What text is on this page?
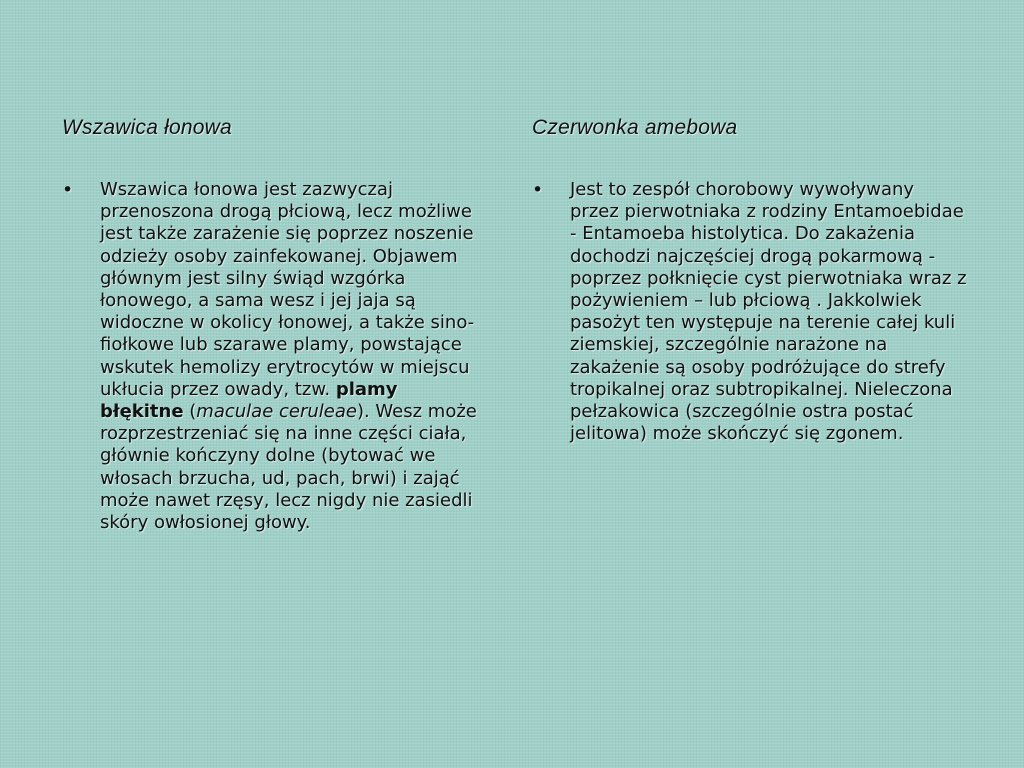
Wszawica łonowa
• Wszawica łonowa jest zazwyczaj przenoszona drogą płciową, lecz możliwe jest także zarażenie się poprzez noszenie odzieży osoby zainfekowanej. Objawem głównym jest silny świąd wzgórka łonowego, a sama wesz i jej jaja są widoczne w okolicy łonowej, a także sino-fiołkowe lub szarawe plamy, powstające wskutek hemolizy erytrocytów w miejscu ukłucia przez owady, tzw. plamy błękitne (maculae ceruleae). Wesz może rozprzestrzeniać się na inne części ciała, głównie kończyny dolne (bytować we włosach brzucha, ud, pach, brwi) i zająć może nawet rzęsy, lecz nigdy nie zasiedli skóry owłosionej głowy.
Czerwonka amebowa
• Jest to zespół chorobowy wywoływany przez pierwotniaka z rodziny Entamoebidae - Entamoeba histolytica. Do zakażenia dochodzi najczęściej drogą pokarmową - poprzez połknięcie cyst pierwotniaka wraz z pożywieniem – lub płciową . Jakkolwiek pasożyt ten występuje na terenie całej kuli ziemskiej, szczególnie narażone na zakażenie są osoby podróżujące do strefy tropikalnej oraz subtropikalnej. Nieleczona pełzakowica (szczególnie ostra postać jelitowa) może skończyć się zgonem.
